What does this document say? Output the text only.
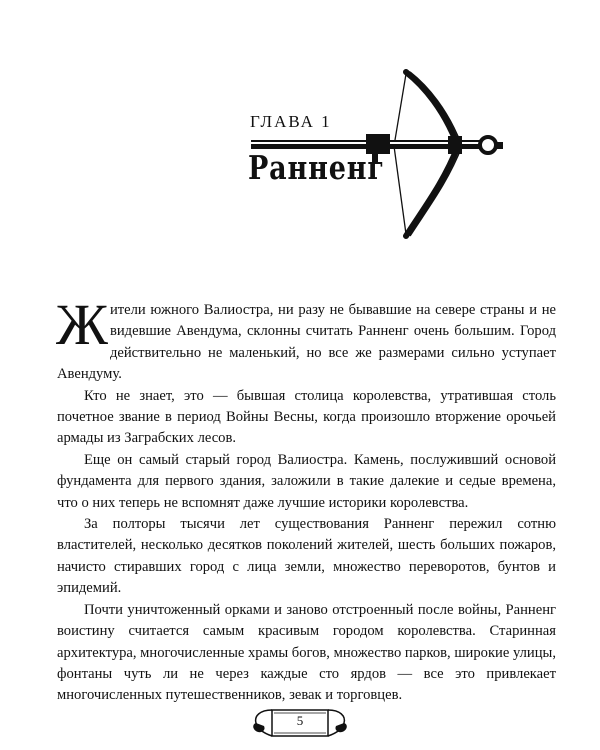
ГЛАВА 1
Ранненг

Жители южного Валиостра, ни разу не бывавшие на севере страны и не видевшие Авендума, склонны считать Раннeнг очень большим. Город действительно не маленький, но все же размерами сильно уступает Авендуму.

Кто не знает, это — бывшая столица королевства, утратившая столь почетное звание в период Войны Весны, когда произошло вторжение орочьей армады из Заграбских лесов.

Еще он самый старый город Валиостра. Камень, послуживший основой фундамента для первого здания, заложили в такие далекие и седые времена, что о них теперь не вспомнят даже лучшие историки королевства.

За полторы тысячи лет существования Раннeнг пережил сотню властителей, несколько десятков поколений жителей, шесть больших пожаров, начисто стиравших город с лица земли, множество переворотов, бунтов и эпидемий.

Почти уничтоженный орками и заново отстроенный после войны, Раннeнг воистину считается самым красивым городом королевства. Старинная архитектура, многочисленные храмы богов, множество парков, широкие улицы, фонтаны чуть ли не через каждые сто ярдов — все это привлекает многочисленных путешественников, зевак и торговцев.

5
